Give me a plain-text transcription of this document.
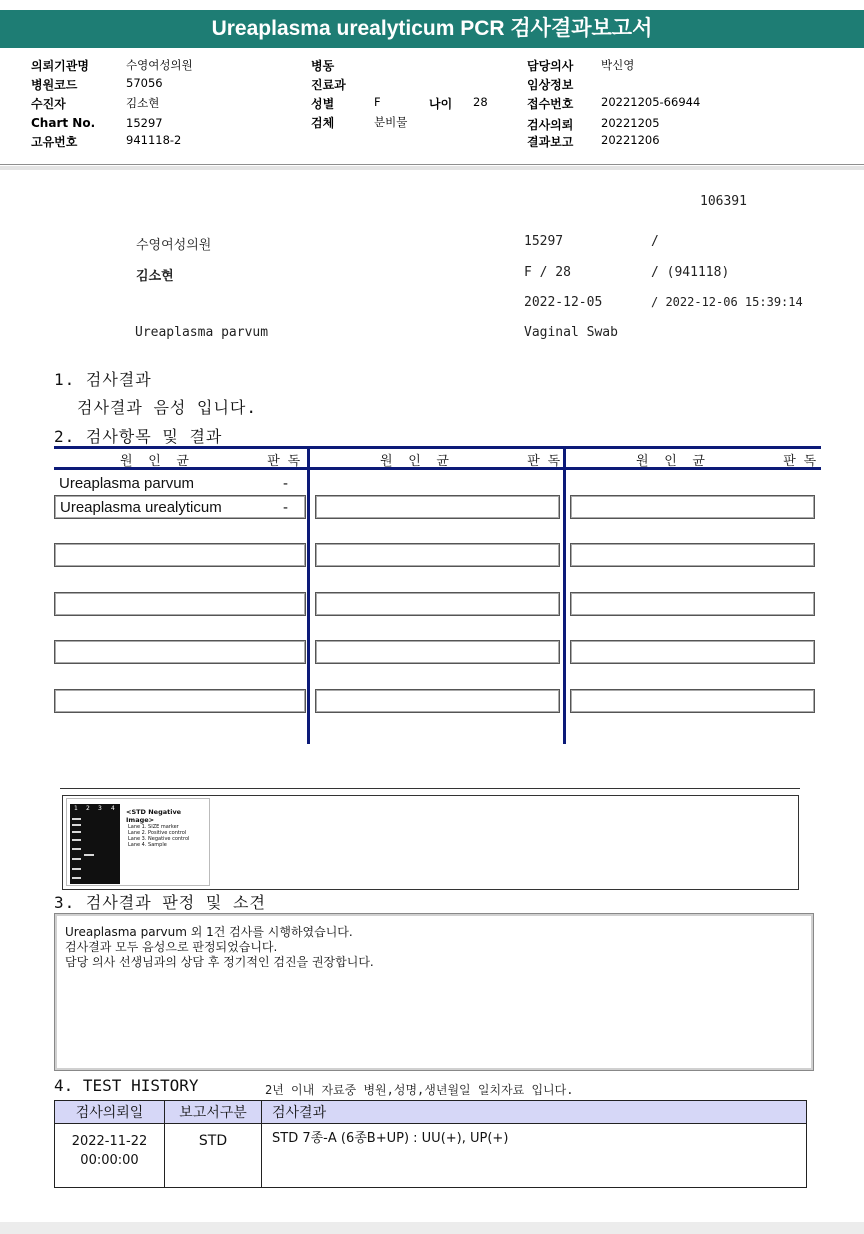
Ureaplasma urealyticum PCR 검사결과보고서
의뢰기관명	수영여성의원
병원코드	57056
수진자	김소현
Chart No.	15297
고유번호	941118-2
병동
진료과
성별	F	나이 28
검체	분비물
담당의사 박신영
임상정보
접수번호 20221205-66944
검사의뢰 20221205
결과보고 20221206
106391
수영여성의원	15297	/
김소현	F / 28	/ (941118)
2022-12-05	/ 2022-12-06 15:39:14
Ureaplasma parvum	Vaginal Swab
1. 검사결과
검사결과 음성 입니다.
2. 검사항목 및 결과
원  인  균          판 독	원  인  균          판 독	원  인  균          판 독
Ureaplasma parvum	-
Ureaplasma urealyticum	-
1 2 3 4 <STD Negative Image>
Lane 1. SIZE marker
Lane 2. Positive control
Lane 3. Negative control
Lane 4. Sample
3. 검사결과 판정 및 소견
Ureaplasma parvum 외 1건 검사를 시행하였습니다.
검사결과 모두 음성으로 판정되었습니다.
담당 의사 선생님과의 상담 후 정기적인 검진을 권장합니다.
4. TEST HISTORY	2년 이내 자료중 병원,성명,생년월일 일치자료 입니다.
검사의뢰일	보고서구분	검사결과

2022-11-22
00:00:00	STD	STD 7종-A (6종B+UP) : UU(+), UP(+)
